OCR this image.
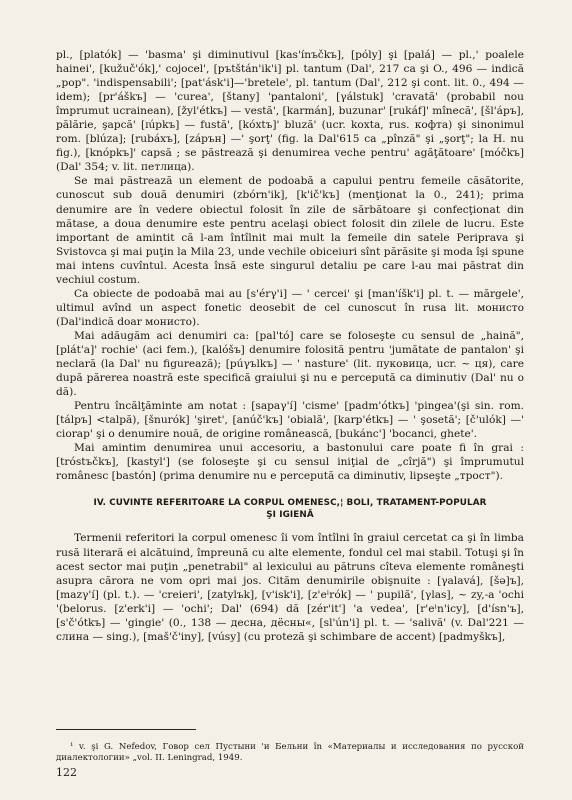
pl., [platók] — 'basma' şi diminutivul [kas'ínъčkъ], [póly] şi [palá] — pl.,' poalele hainei', [kužuč'ók],' cojocel', [pъtštán'ik'i] pl. tantum (Dal', 217 ca şi O., 496 — indică „pop". 'indispensabili'; [pat'ásk'i]—'bretele', pl. tantum (Dal', 212 şi cont. lit. 0., 494 — idem); [pr'áškъ] — 'curea', [štany] 'pantaloni', [γálstuk] 'cravată' (probabil nou împrumut ucrainean), [žyl'étkъ] — vestă', [karmán], buzunar' [rukáf]' mînecă', [šl'ápъ], pălărie, şapcă' [ɪúpkъ] — fustă', [kóxtъ]' bluză' (ucr. koxta, rus. кофта) şi sinonimul rom. [blúza]; [rubáxъ], [záрън] —' şorţ' (fig. la Dal'615 ca „pînză" şi „şorţ"; la H. nu fig.), [knóрkъ]' capsă ; se păstrează şi denumirea veche pentru' agăţătoare' [móčkъ] (Dal' 354; v. lit. петлица).

Se mai păstrează un element de podoabă a capului pentru femeile căsătorite, cunoscut sub două denumiri (zbórn'ik], [k'ič'kъ] (menţionat la 0., 241); prima denumire are în vedere obiectul folosit în zile de sărbătoare şi confecţionat din mătase, a doua denumire este pentru acelaşi obiect folosit din zilele de lucru. Este important de amintit că l-am întîlnit mai mult la femeile din satele Periprava şi Svistovca şi mai puţin la Mila 23, unde vechile obiceiuri sînt părăsite şi moda îşi spune mai intens cuvîntul. Acesta însă este singurul detaliu pe care l-au mai păstrat din vechiul costum.

Ca obiecte de podoabă mai au [s'érγ'i] — ' cercei' şi [man'íšk'i] pl. t. — mărgele', ultimul avînd un aspect fonetic deosebit de cel cunoscut în rusa lit. монисто (Dal'indică doar монисто).

Mai adăugăm aci denumiri ca: [pal'tó] care se foloseşte cu sensul de „haină", [plát'a]' rochie' (aci fem.), [kalóšъ] denumire folosită pentru 'jumătate de pantalon' şi neclară (la Dal' nu figurează); [púγъlkъ] — ' nasture' (lit. пуковица, ucr. ~ ця), care după părerea noastră este specifică graiului şi nu e percepută ca diminutiv (Dal' nu o dă).

Pentru încălţăminte am notat : [sapaγ'í] 'cisme' [padm'ótkъ] 'pingea'(şi sin. rom. [tálpъ] <talpă), [šnurók] 'şiret', [anúč'kъ] 'obială', [karp'étkъ] — ' şosetă'; [č'ulók] —' ciorap' şi o denumire nouă, de origine românească, [bukánc'] 'bocanci, ghete'.

Mai amintim denumirea unui accesoriu, a bastonului care poate fi în grai : [tróstъčkъ], [kastyl'] (se foloseşte şi cu sensul iniţial de „cîrjă") şi împrumutul românesc [bastón] (prima denumire nu e percepută ca diminutiv, lipseşte „трост").

IV. CUVINTE REFERITOARE LA CORPUL OMENESC,¦ BOLI, TRATAMENT-POPULAR
ŞI IGIENĂ

Termenii referitori la corpul omenesc îi vom întîlni în graiul cercetat ca şi în limba rusă literară ei alcătuind, împreună cu alte elemente, fondul cel mai stabil. Totuşi şi în acest sector mai puţin „penetrabil" al lexicului au pătruns cîteva elemente româneşti asupra cărora ne vom opri mai jos. Cităm denumirile obişnuite : [γalavá], [šə]ъ], [mazγ'í] (pl. t.). — 'creieri', [zatylъk], [v'isk'i], [z'eˡrók] — ' pupilă', [γlas], ~ zy,-a 'ochi '(belorus. [z'erk'i] — 'ochi'; Dal' (694) dă [zér'it'] 'a vedea', [r'eˡn'icy], [d'ísn'ъ], [s'č'ótkъ] — 'gingie' (0., 138 — десна, дёсны«, [sl'ún'i] pl. t. — 'salivă' (v. Dal'221 — слина — sing.), [maš'č'iny], [vúsy] (cu proteză şi schimbare de accent) [padmyškъ],

¹ v. şi G. Nefedov, Говор сел Пустыни 'и Бельни în «Материалы и исследования по русской диалектологии» „vol. II. Leningrad, 1949.

122
